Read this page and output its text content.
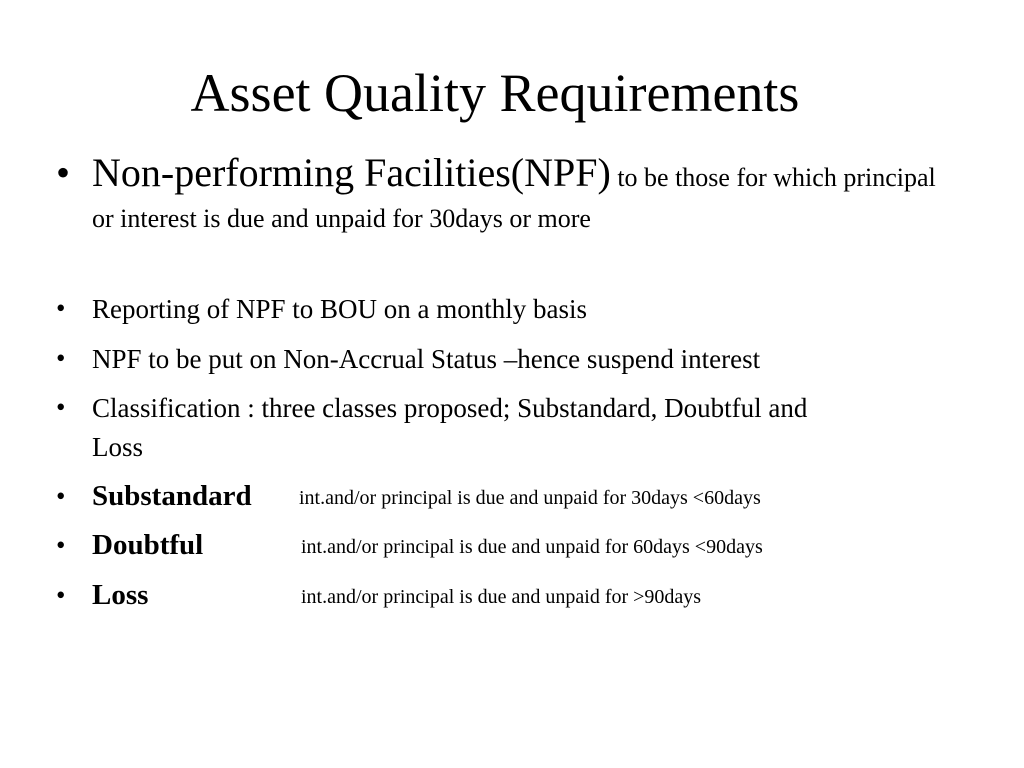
Asset Quality Requirements
• Non-performing Facilities(NPF) to be those for which principal or interest is due and unpaid for 30days or more
• Reporting of NPF to BOU on a monthly basis
• NPF to be put on Non-Accrual Status –hence suspend interest
• Classification : three classes proposed; Substandard, Doubtful and Loss
• Substandard int.and/or principal is due and unpaid for 30days <60days
• Doubtful	int.and/or principal is due and unpaid for 60days <90days
• Loss	int.and/or principal is due and unpaid for >90days
